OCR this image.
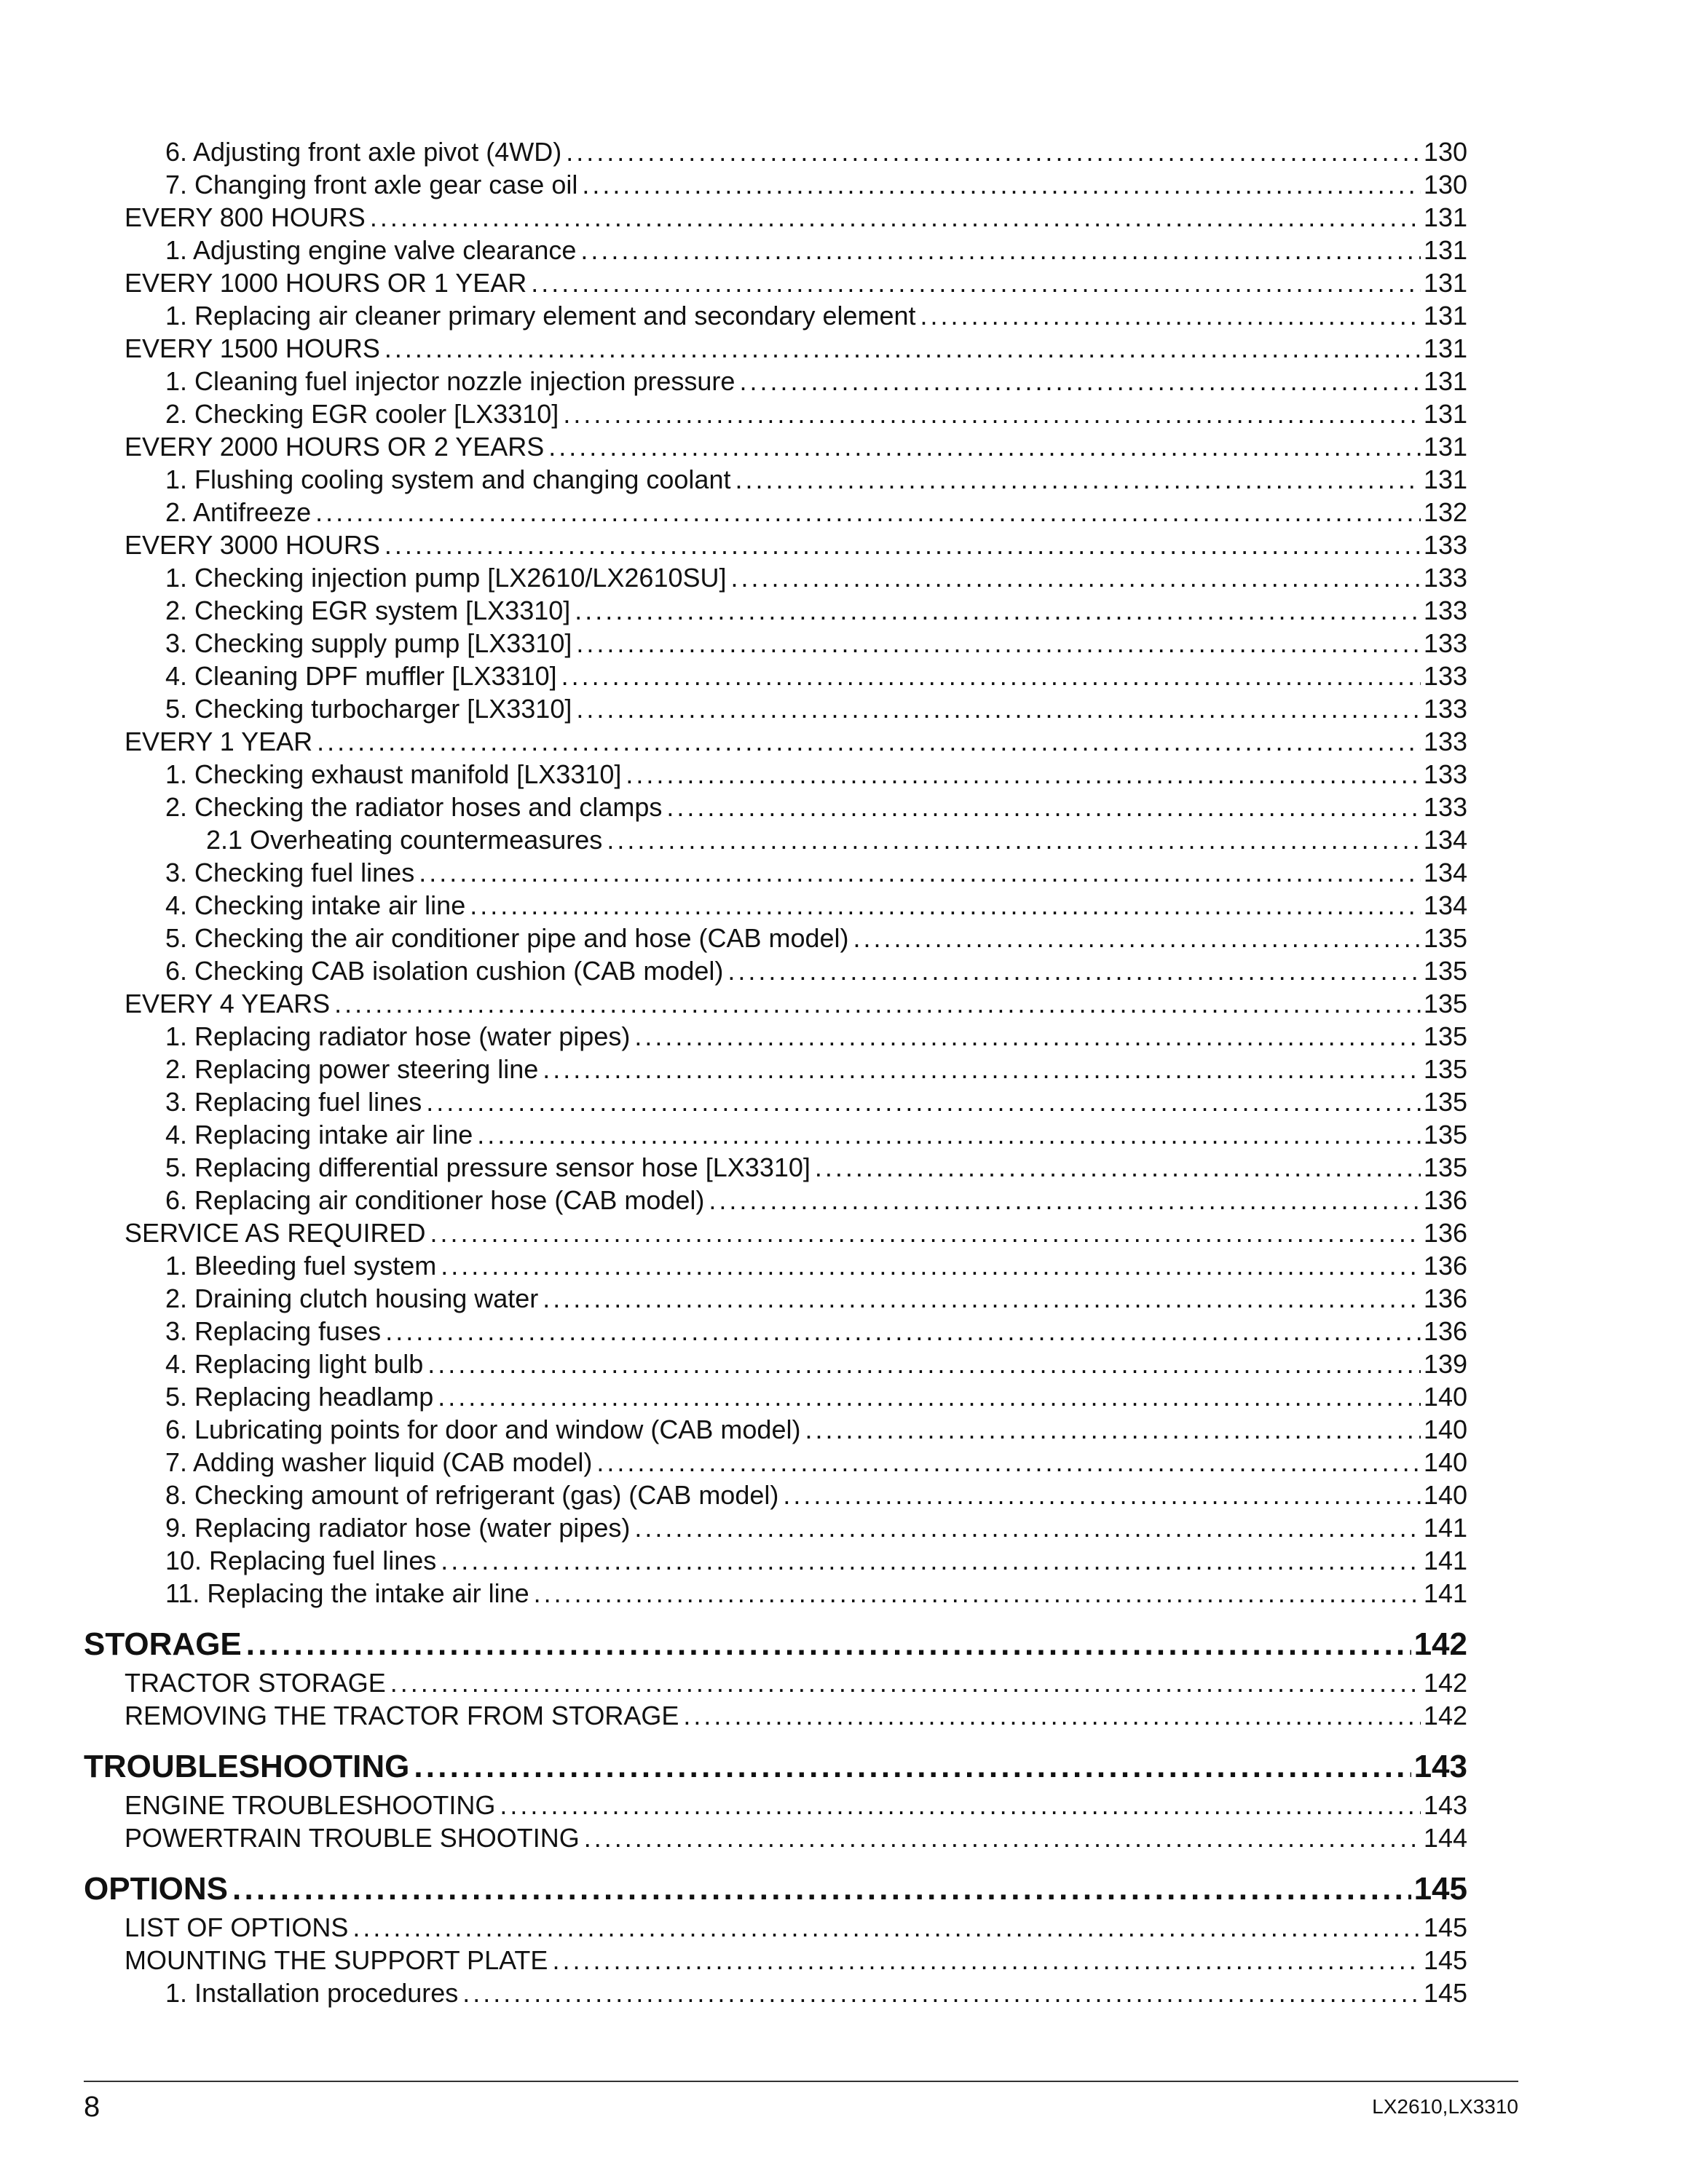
6. Adjusting front axle pivot (4WD) . . .	130
7. Changing front axle gear case oil . . .	130
EVERY 800 HOURS . . .	131
1. Adjusting engine valve clearance . . .	131
EVERY 1000 HOURS OR 1 YEAR . . .	131
1. Replacing air cleaner primary element and secondary element . . .	131
EVERY 1500 HOURS . . .	131
1. Cleaning fuel injector nozzle injection pressure . . .	131
2. Checking EGR cooler [LX3310] . . .	131
EVERY 2000 HOURS OR 2 YEARS . . .	131
1. Flushing cooling system and changing coolant . . .	131
2. Antifreeze . . .	132
EVERY 3000 HOURS . . .	133
1. Checking injection pump [LX2610/LX2610SU] . . .	133
2. Checking EGR system [LX3310] . . .	133
3. Checking supply pump [LX3310] . . .	133
4. Cleaning DPF muffler [LX3310] . . .	133
5. Checking turbocharger [LX3310] . . .	133
EVERY 1 YEAR . . .	133
1. Checking exhaust manifold [LX3310] . . .	133
2. Checking the radiator hoses and clamps . . .	133
2.1 Overheating countermeasures . . .	134
3. Checking fuel lines . . .	134
4. Checking intake air line . . .	134
5. Checking the air conditioner pipe and hose (CAB model) . . .	135
6. Checking CAB isolation cushion (CAB model) . . .	135
EVERY 4 YEARS . . .	135
1. Replacing radiator hose (water pipes) . . .	135
2. Replacing power steering line . . .	135
3. Replacing fuel lines . . .	135
4. Replacing intake air line . . .	135
5. Replacing differential pressure sensor hose [LX3310] . . .	135
6. Replacing air conditioner hose (CAB model) . . .	136
SERVICE AS REQUIRED . . .	136
1. Bleeding fuel system . . .	136
2. Draining clutch housing water . . .	136
3. Replacing fuses . . .	136
4. Replacing light bulb . . .	139
5. Replacing headlamp . . .	140
6. Lubricating points for door and window (CAB model) . . .	140
7. Adding washer liquid (CAB model) . . .	140
8. Checking amount of refrigerant (gas) (CAB model) . . .	140
9. Replacing radiator hose (water pipes) . . .	141
10. Replacing fuel lines . . .	141
11. Replacing the intake air line . . .	141
STORAGE . . .	142
TRACTOR STORAGE . . .	142
REMOVING THE TRACTOR FROM STORAGE . . .	142
TROUBLESHOOTING . . .	143
ENGINE TROUBLESHOOTING . . .	143
POWERTRAIN TROUBLE SHOOTING . . .	144
OPTIONS . . .	145
LIST OF OPTIONS . . .	145
MOUNTING THE SUPPORT PLATE . . .	145
1. Installation procedures . . .	145
8	LX2610,LX3310
